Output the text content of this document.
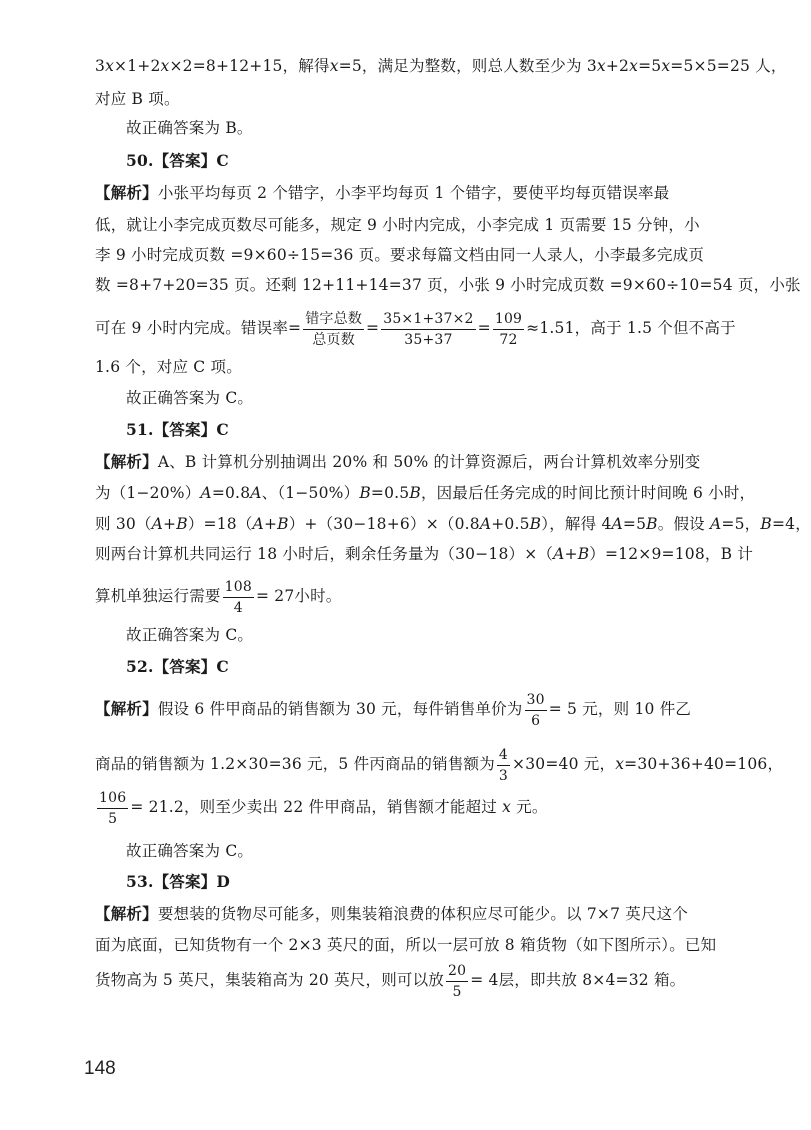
3x×1+2x×2=8+12+15，解得x=5，满足为整数，则总人数至少为 3x+2x=5x=5×5=25 人，
对应 B 项。
故正确答案为 B。
50.【答案】C
【解析】小张平均每页 2 个错字，小李平均每页 1 个错字，要使平均每页错误率最
低，就让小李完成页数尽可能多，规定 9 小时内完成，小李完成 1 页需要 15 分钟，小
李 9 小时完成页数 =9×60÷15=36 页。要求每篇文档由同一人录人，小李最多完成页
数 =8+7+20=35 页。还剩 12+11+14=37 页，小张 9 小时完成页数 =9×60÷10=54 页，小张
可在 9 小时内完成。错误率= $\frac{\text{错字总数}}{\text{总页数}} = \frac{35\times 1+37\times 2}{35+37} = \frac{109}{72} \approx 1.51$，高于 1.5 个但不高于
1.6 个，对应 C 项。
故正确答案为 C。
51.【答案】C
【解析】A、B 计算机分别抽调出 20% 和 50% 的计算资源后，两台计算机效率分别变
为（1−20%）A=0.8A、（1−50%）B=0.5B，因最后任务完成的时间比预计时间晚 6 小时，
则 30（A+B）=18（A+B）+（30−18+6）×（0.8A+0.5B），解得 4A=5B。假设 A=5，B=4，
则两台计算机共同运行 18 小时后，剩余任务量为（30−18）×（A+B）=12×9=108，B 计
算机单独运行需要 $\frac{108}{4} = 27$小时。
故正确答案为 C。
52.【答案】C
【解析】假设 6 件甲商品的销售额为 30 元，每件销售单价为 $\frac{30}{6} = 5$ 元，则 10 件乙
商品的销售额为 1.2×30=36 元，5 件丙商品的销售额为 $\frac{4}{3} \times 30=40$ 元，x=30+36+40=106，
$\frac{106}{5} = 21.2$，则至少卖出 22 件甲商品，销售额才能超过 x 元。
故正确答案为 C。
53.【答案】D
【解析】要想装的货物尽可能多，则集装箱浪费的体积应尽可能少。以 7×7 英尺这个
面为底面，已知货物有一个 2×3 英尺的面，所以一层可放 8 箱货物（如下图所示）。已知
货物高为 5 英尺，集装箱高为 20 英尺，则可以放 $\frac{20}{5} = 4$层，即共放 8×4=32 箱。
148
